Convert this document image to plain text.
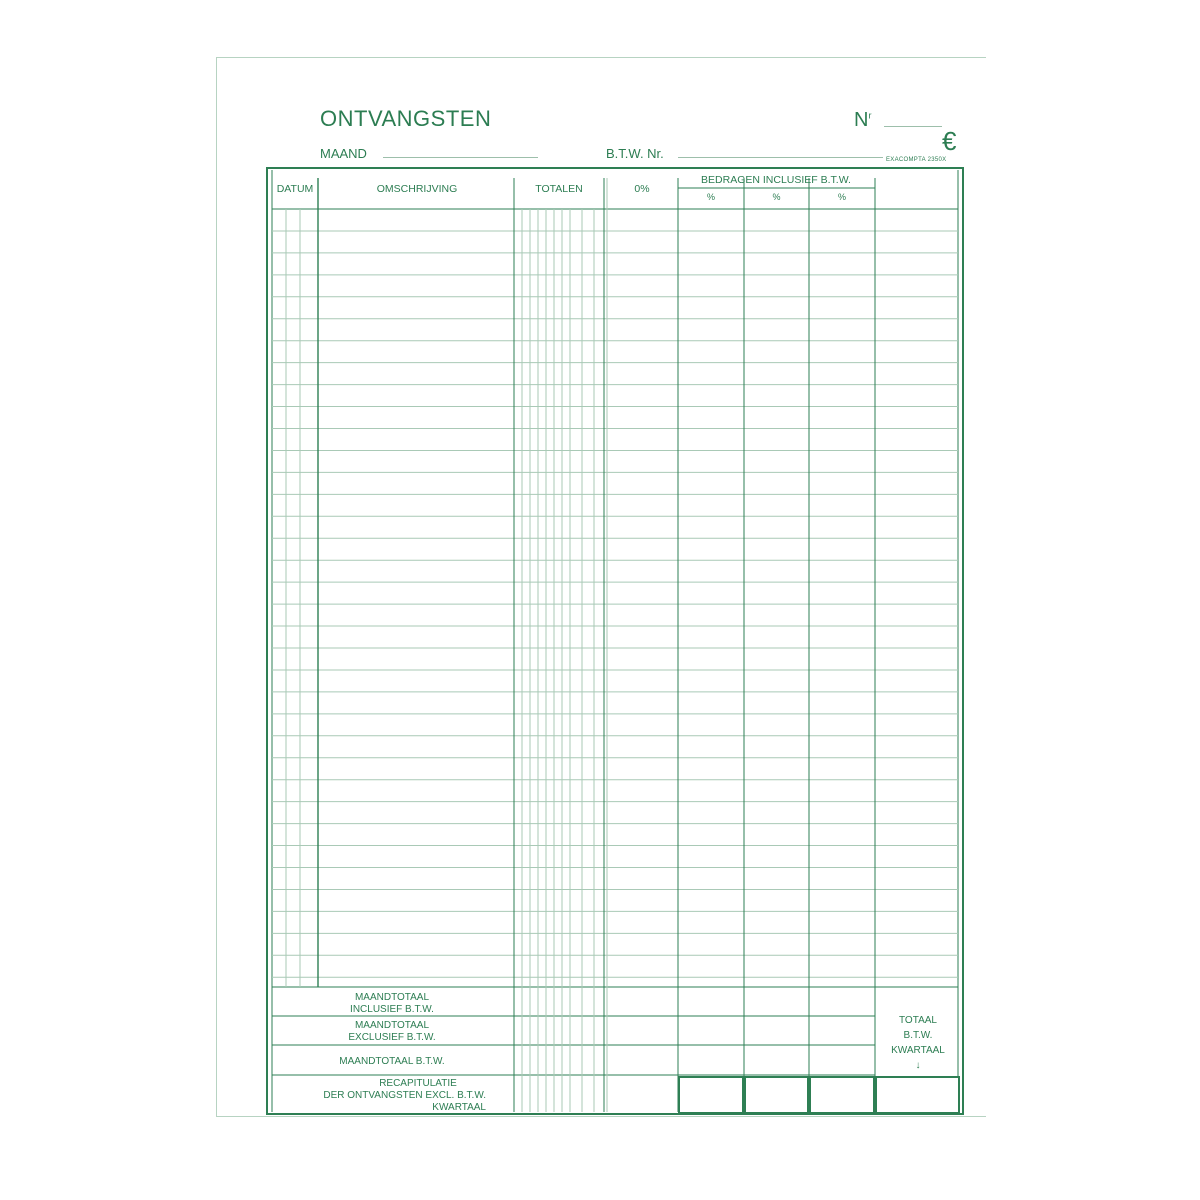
ONTVANGSTEN	$N^r$
€
EXACOMPTA 2350X
MAAND	B.T.W. Nr.
DATUM	OMSCHRIJVING	TOTALEN	0%
BEDRAGEN INCLUSIEF B.T.W.
%	%	%
MAANDTOTAAL
INCLUSIEF B.T.W.
MAANDTOTAAL
EXCLUSIEF B.T.W.
MAANDTOTAAL B.T.W.
RECAPITULATIE
DER ONTVANGSTEN EXCL. B.T.W.
KWARTAAL
TOTAAL
B.T.W.
KWARTAAL
↓
